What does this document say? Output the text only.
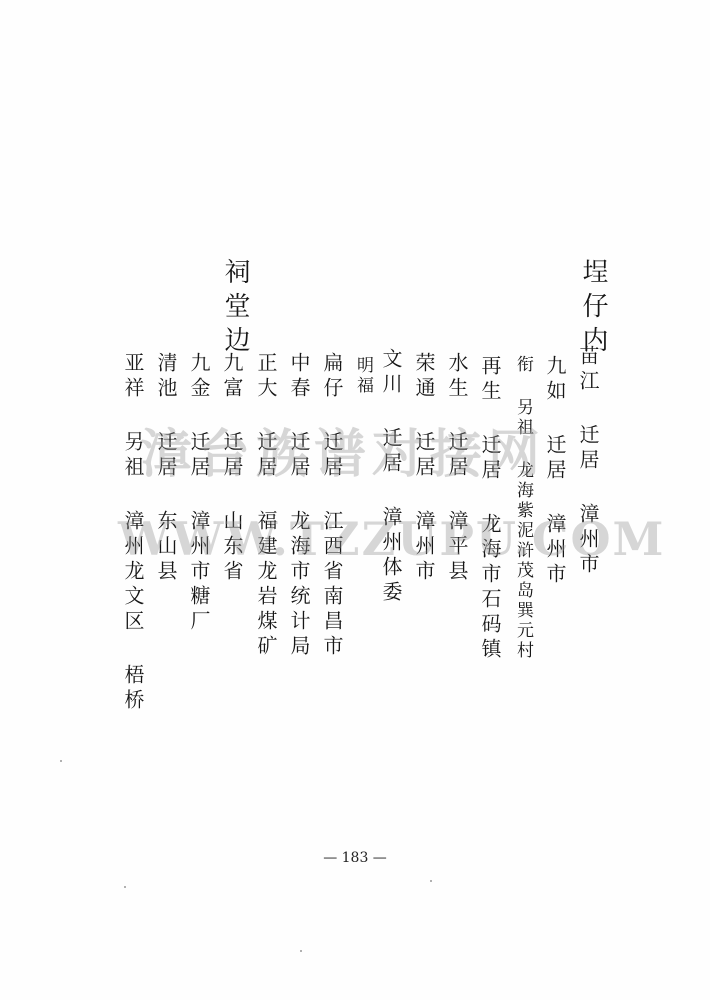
埕仔内
苗江 迁居 漳州市
九如 迁居 漳州市
衔 另祖 龙海紫泥浒茂岛巽元村
再生 迁居 龙海市石码镇
水生 迁居 漳平县
荣通 迁居 漳州市
文川 迁居 漳州体委
明福
扁仔 迁居 江西省南昌市
中春 迁居 龙海市统计局
正大 迁居 福建龙岩煤矿
祠堂边
九富 迁居 山东省
九金 迁居 漳州市糖厂
清池 迁居 东山县
亚祥 另祖 漳州龙文区 梧桥
漳台族谱对接网
WWW.TZZUPU.COM
— 183 —
